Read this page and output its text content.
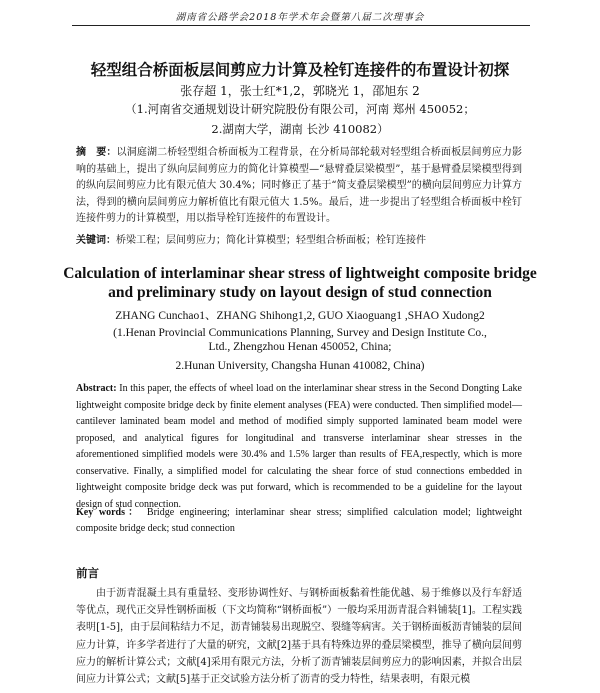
湖南省公路学会2018年学术年会暨第八届二次理事会
轻型组合桥面板层间剪应力计算及栓钉连接件的布置设计初探
张存超 1，张士红*1,2，郭晓光 1，邵旭东 2
（1.河南省交通规划设计研究院股份有限公司，河南 郑州 450052；
2.湖南大学，湖南 长沙 410082）
摘　要：以洞庭湖二桥轻型组合桥面板为工程背景，在分析局部轮载对轻型组合桥面板层间剪应力影响的基础上，提出了纵向层间剪应力的简化计算模型—“悬臂叠层梁模型”，基于悬臂叠层梁模型得到的纵向层间剪应力比有限元值大 30.4%；同时修正了基于“简支叠层梁模型”的横向层间剪应力计算方法，得到的横向层间剪应力解析值比有限元值大 1.5%。最后，进一步提出了轻型组合桥面板中栓钉连接件剪力的计算模型，用以指导栓钉连接件的布置设计。
关键词：桥梁工程；层间剪应力；简化计算模型；轻型组合桥面板；栓钉连接件
Calculation of interlaminar shear stress of lightweight composite bridge and preliminary study on layout design of stud connection
ZHANG Cunchao1、ZHANG Shihong1,2, GUO Xiaoguang1 ,SHAO Xudong2
(1.Henan Provincial Communications Planning, Survey and Design Institute Co., Ltd., Zhengzhou Henan 450052, China;
2.Hunan University, Changsha Hunan 410082, China)
Abstract: In this paper, the effects of wheel load on the interlaminar shear stress in the Second Dongting Lake lightweight composite bridge deck by finite element analyses (FEA) were conducted. Then simplified model—cantilever laminated beam model and method of modified simply supported laminated beam model were proposed, and analytical figures for longitudinal and transverse interlaminar shear stresses in the aforementioned simplified models were 30.4% and 1.5% larger than results of FEA,respectly, which is more conservative. Finally, a simplified model for calculating the shear force of stud connections embedded in lightweight composite bridge deck was put forward, which is recommended to be a guideline for the layout design of stud connection.
Key words： Bridge engineering; interlaminar shear stress; simplified calculation model; lightweight composite bridge deck; stud connection
前言
由于沥青混凝土具有重量轻、变形协调性好、与钢桥面板黏着性能优越、易于维修以及行车舒适等优点，现代正交异性钢桥面板（下文均简称“钢桥面板”）一般均采用沥青混合料铺装[1]。工程实践表明[1-5]，由于层间粘结力不足，沥青铺装易出现脱空、裂缝等病害。关于钢桥面板沥青铺装的层间应力计算，许多学者进行了大量的研究，文献[2]基于具有特殊边界的叠层梁模型，推导了横向层间剪应力的解析计算公式；文献[4]采用有限元方法，分析了沥青铺装层间剪应力的影响因素，并拟合出层间应力计算公式；文献[5]基于正交试验方法分析了沥青的受力特性，结果表明，有限元模
